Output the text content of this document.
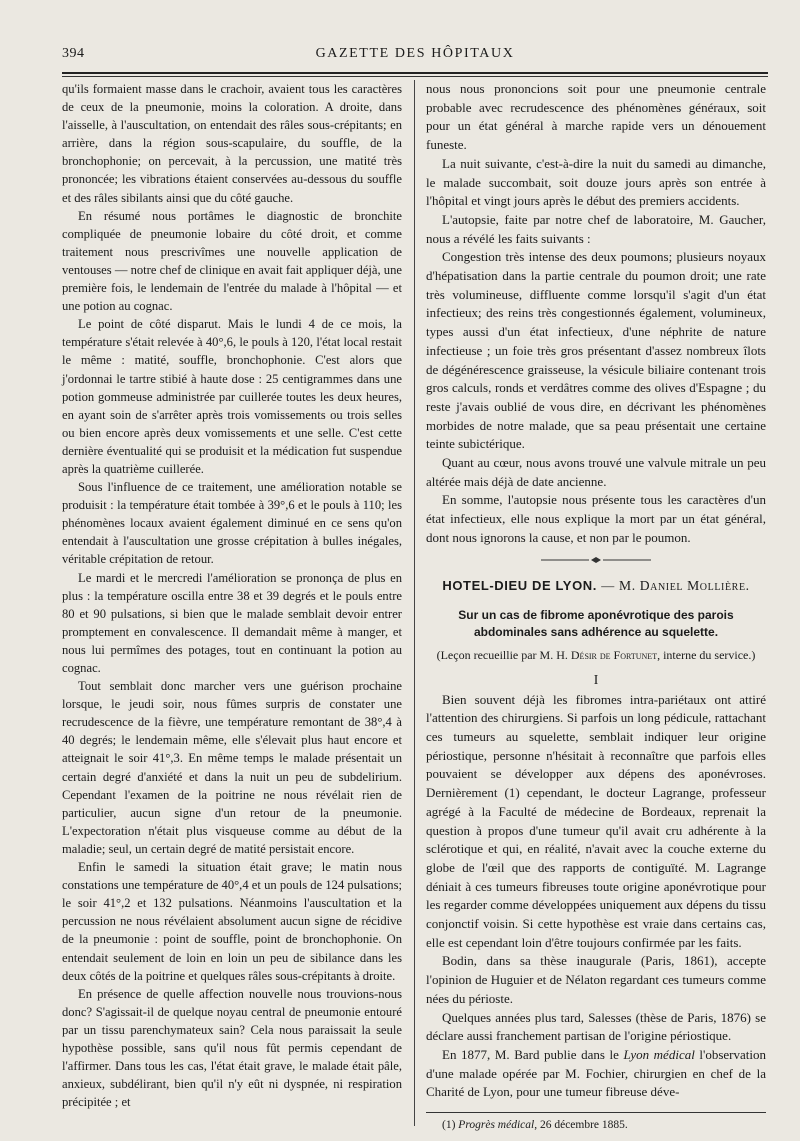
394	GAZETTE DES HÔPITAUX

qu'ils formaient masse dans le crachoir, avaient tous les caractères de ceux de la pneumonie, moins la coloration. A droite, dans l'aisselle, à l'auscultation, on entendait des râles sous-crépitants; en arrière, dans la région sous-scapulaire, du souffle, de la bronchophonie; on percevait, à la percussion, une matité très prononcée; les vibrations étaient conservées au-dessous du souffle et des râles sibilants ainsi que du côté gauche.

En résumé nous portâmes le diagnostic de bronchite compliquée de pneumonie lobaire du côté droit, et comme traitement nous prescrivîmes une nouvelle application de ventouses — notre chef de clinique en avait fait appliquer déjà, une première fois, le lendemain de l'entrée du malade à l'hôpital — et une potion au cognac.

Le point de côté disparut. Mais le lundi 4 de ce mois, la température s'était relevée à 40°,6, le pouls à 120, l'état local restait le même : matité, souffle, bronchophonie. C'est alors que j'ordonnai le tartre stibié à haute dose : 25 centigrammes dans une potion gommeuse administrée par cuillerée toutes les deux heures, en ayant soin de s'arrêter après trois vomissements ou trois selles ou bien encore après deux vomissements et une selle. C'est cette dernière éventualité qui se produisit et la médication fut suspendue après la quatrième cuillerée.

Sous l'influence de ce traitement, une amélioration notable se produisit : la température était tombée à 39°,6 et le pouls à 110; les phénomènes locaux avaient également diminué en ce sens qu'on entendait à l'auscultation une grosse crépitation à bulles inégales, véritable crépitation de retour.

Le mardi et le mercredi l'amélioration se prononça de plus en plus : la température oscilla entre 38 et 39 degrés et le pouls entre 80 et 90 pulsations, si bien que le malade semblait devoir entrer promptement en convalescence. Il demandait même à manger, et nous lui permîmes des potages, tout en continuant la potion au cognac.

Tout semblait donc marcher vers une guérison prochaine lorsque, le jeudi soir, nous fûmes surpris de constater une recrudescence de la fièvre, une température remontant de 38°,4 à 40 degrés; le lendemain même, elle s'élevait plus haut encore et atteignait le soir 41°,3. En même temps le malade présentait un certain degré d'anxiété et dans la nuit un peu de subdelirium. Cependant l'examen de la poitrine ne nous révélait rien de particulier, aucun signe d'un retour de la pneumonie. L'expectoration n'était plus visqueuse comme au début de la maladie; seul, un certain degré de matité persistait encore.

Enfin le samedi la situation était grave; le matin nous constations une température de 40°,4 et un pouls de 124 pulsations; le soir 41°,2 et 132 pulsations. Néanmoins l'auscultation et la percussion ne nous révélaient absolument aucun signe de récidive de la pneumonie : point de souffle, point de bronchophonie. On entendait seulement de loin en loin un peu de sibilance dans les deux côtés de la poitrine et quelques râles sous-crépitants à droite.

En présence de quelle affection nouvelle nous trouvions-nous donc? S'agissait-il de quelque noyau central de pneumonie entouré par un tissu parenchymateux sain? Cela nous paraissait la seule hypothèse possible, sans qu'il nous fût permis cependant de l'affirmer. Dans tous les cas, l'état était grave, le malade était pâle, anxieux, subdélirant, bien qu'il n'y eût ni dyspnée, ni respiration précipitée ; et

nous nous prononcions soit pour une pneumonie centrale probable avec recrudescence des phénomènes généraux, soit pour un état général à marche rapide vers un dénouement funeste.

La nuit suivante, c'est-à-dire la nuit du samedi au dimanche, le malade succombait, soit douze jours après son entrée à l'hôpital et vingt jours après le début des premiers accidents.

L'autopsie, faite par notre chef de laboratoire, M. Gaucher, nous a révélé les faits suivants :

Congestion très intense des deux poumons; plusieurs noyaux d'hépatisation dans la partie centrale du poumon droit; une rate très volumineuse, diffluente comme lorsqu'il s'agit d'un état infectieux; des reins très congestionnés également, volumineux, types aussi d'un état infectieux, d'une néphrite de nature infectieuse ; un foie très gros présentant d'assez nombreux îlots de dégénérescence graisseuse, la vésicule biliaire contenant trois gros calculs, ronds et verdâtres comme des olives d'Espagne ; du reste j'avais oublié de vous dire, en décrivant les phénomènes morbides de notre malade, que sa peau présentait une certaine teinte subictérique.

Quant au cœur, nous avons trouvé une valvule mitrale un peu altérée mais déjà de date ancienne.

En somme, l'autopsie nous présente tous les caractères d'un état infectieux, elle nous explique la mort par un état général, dont nous ignorons la cause, et non par le poumon.

HOTEL-DIEU DE LYON. — M. Daniel Mollière.
Sur un cas de fibrome aponévrotique des parois abdominales sans adhérence au squelette.
(Leçon recueillie par M. H. Désir de Fortunet, interne du service.)
I

Bien souvent déjà les fibromes intra-pariétaux ont attiré l'attention des chirurgiens. Si parfois un long pédicule, rattachant ces tumeurs au squelette, semblait indiquer leur origine périostique, personne n'hésitait à reconnaître que parfois elles pouvaient se développer aux dépens des aponévroses. Dernièrement (1) cependant, le docteur Lagrange, professeur agrégé à la Faculté de médecine de Bordeaux, reprenait la question à propos d'une tumeur qu'il avait cru adhérente à la sclérotique et qui, en réalité, n'avait avec la couche externe du globe de l'œil que des rapports de contiguïté. M. Lagrange déniait à ces tumeurs fibreuses toute origine aponévrotique pour les regarder comme développées uniquement aux dépens du tissu conjonctif voisin. Si cette hypothèse est vraie dans certains cas, elle est cependant loin d'être toujours confirmée par les faits.

Bodin, dans sa thèse inaugurale (Paris, 1861), accepte l'opinion de Huguier et de Nélaton regardant ces tumeurs comme nées du périoste.

Quelques années plus tard, Salesses (thèse de Paris, 1876) se déclare aussi franchement partisan de l'origine périostique.

En 1877, M. Bard publie dans le Lyon médical l'observation d'une malade opérée par M. Fochier, chirurgien en chef de la Charité de Lyon, pour une tumeur fibreuse déve-

(1) Progrès médical, 26 décembre 1885.
